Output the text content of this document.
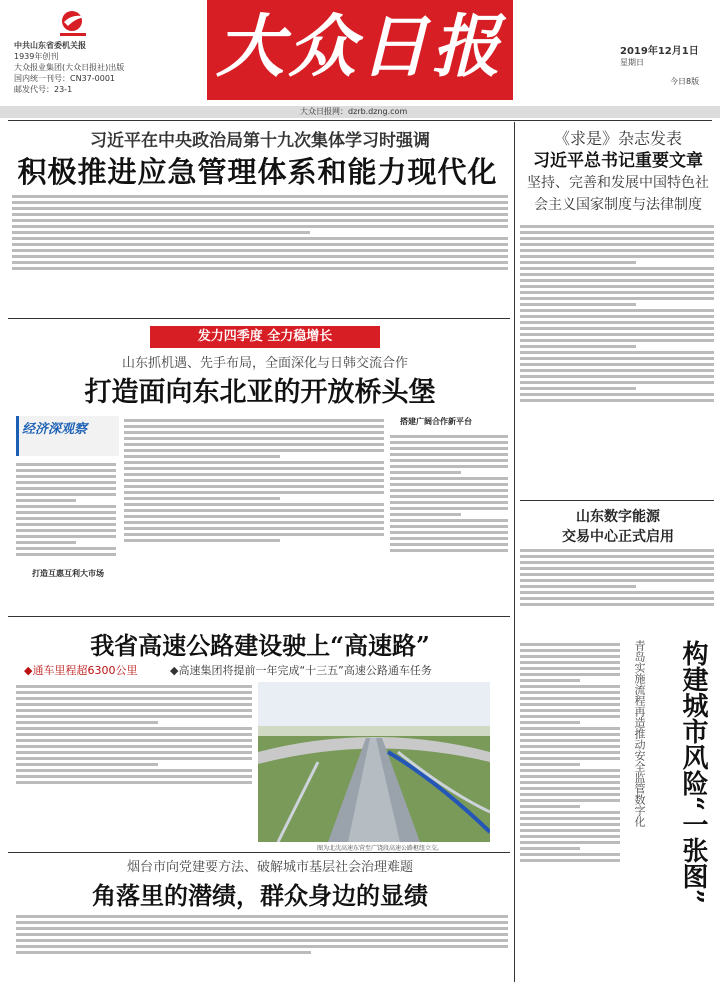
中共山东省委机关报
1939年创刊
大众报业集团(大众日报社)出版
国内统一刊号：CN37-0001
邮发代号：23-1
大众日报	2019年12月1日
星期日
今日8版
大众日报网：dzrb.dzng.com
习近平在中央政治局第十九次集体学习时强调
积极推进应急管理体系和能力现代化
发力四季度 全力稳增长
山东抓机遇、先手布局，全面深化与日韩交流合作
打造面向东北亚的开放桥头堡
经济深观察
打造互惠互利大市场
搭建广阔合作新平台
我省高速公路建设驶上“高速路”
◆通车里程超6300公里	◆高速集团将提前一年完成“十三五”高速公路通车任务
图为北沈高速东营至广饶段高速公路枢纽立交。
烟台市向党建要方法、破解城市基层社会治理难题
角落里的潜绩，群众身边的显绩
《求是》杂志发表
习近平总书记重要文章
坚持、完善和发展中国特色社会主义国家制度与法律制度
山东数字能源
交易中心正式启用
青岛实施流程再造推动安全监管数字化	构建城市风险“一张图”
